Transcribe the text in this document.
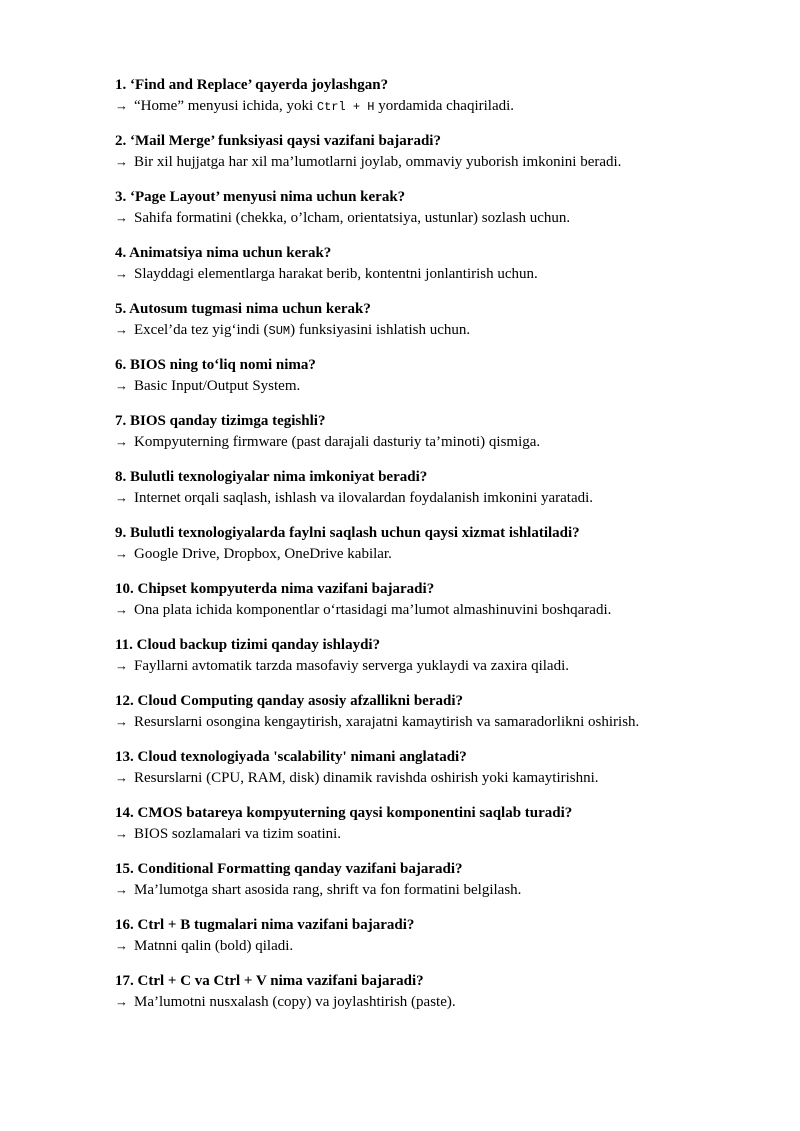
1. ‘Find and Replace’ qayerda joylashgan?
→ “Home” menyusi ichida, yoki Ctrl + H yordamida chaqiriladi.
2. ‘Mail Merge’ funksiyasi qaysi vazifani bajaradi?
→ Bir xil hujjatga har xil ma’lumotlarni joylab, ommaviy yuborish imkonini beradi.
3. ‘Page Layout’ menyusi nima uchun kerak?
→ Sahifa formatini (chekka, o’lcham, orientatsiya, ustunlar) sozlash uchun.
4. Animatsiya nima uchun kerak?
→ Slayddagi elementlarga harakat berib, kontentni jonlantirish uchun.
5. Autosum tugmasi nima uchun kerak?
→ Excel’da tez yig‘indi (SUM) funksiyasini ishlatish uchun.
6. BIOS ning to‘liq nomi nima?
→ Basic Input/Output System.
7. BIOS qanday tizimga tegishli?
→ Kompyuterning firmware (past darajali dasturiy ta’minoti) qismiga.
8. Bulutli texnologiyalar nima imkoniyat beradi?
→ Internet orqali saqlash, ishlash va ilovalardan foydalanish imkonini yaratadi.
9. Bulutli texnologiyalarda faylni saqlash uchun qaysi xizmat ishlatiladi?
→ Google Drive, Dropbox, OneDrive kabilar.
10. Chipset kompyuterda nima vazifani bajaradi?
→ Ona plata ichida komponentlar o‘rtasidagi ma’lumot almashinuvini boshqaradi.
11. Cloud backup tizimi qanday ishlaydi?
→ Fayllarni avtomatik tarzda masofaviy serverga yuklaydi va zaxira qiladi.
12. Cloud Computing qanday asosiy afzallikni beradi?
→ Resurslarni osongina kengaytirish, xarajatni kamaytirish va samaradorlikni oshirish.
13. Cloud texnologiyada 'scalability' nimani anglatadi?
→ Resurslarni (CPU, RAM, disk) dinamik ravishda oshirish yoki kamaytirishni.
14. CMOS batareya kompyuterning qaysi komponentini saqlab turadi?
→ BIOS sozlamalari va tizim soatini.
15. Conditional Formatting qanday vazifani bajaradi?
→ Ma’lumotga shart asosida rang, shrift va fon formatini belgilash.
16. Ctrl + B tugmalari nima vazifani bajaradi?
→ Matnni qalin (bold) qiladi.
17. Ctrl + C va Ctrl + V nima vazifani bajaradi?
→ Ma’lumotni nusxalash (copy) va joylashtirish (paste).
